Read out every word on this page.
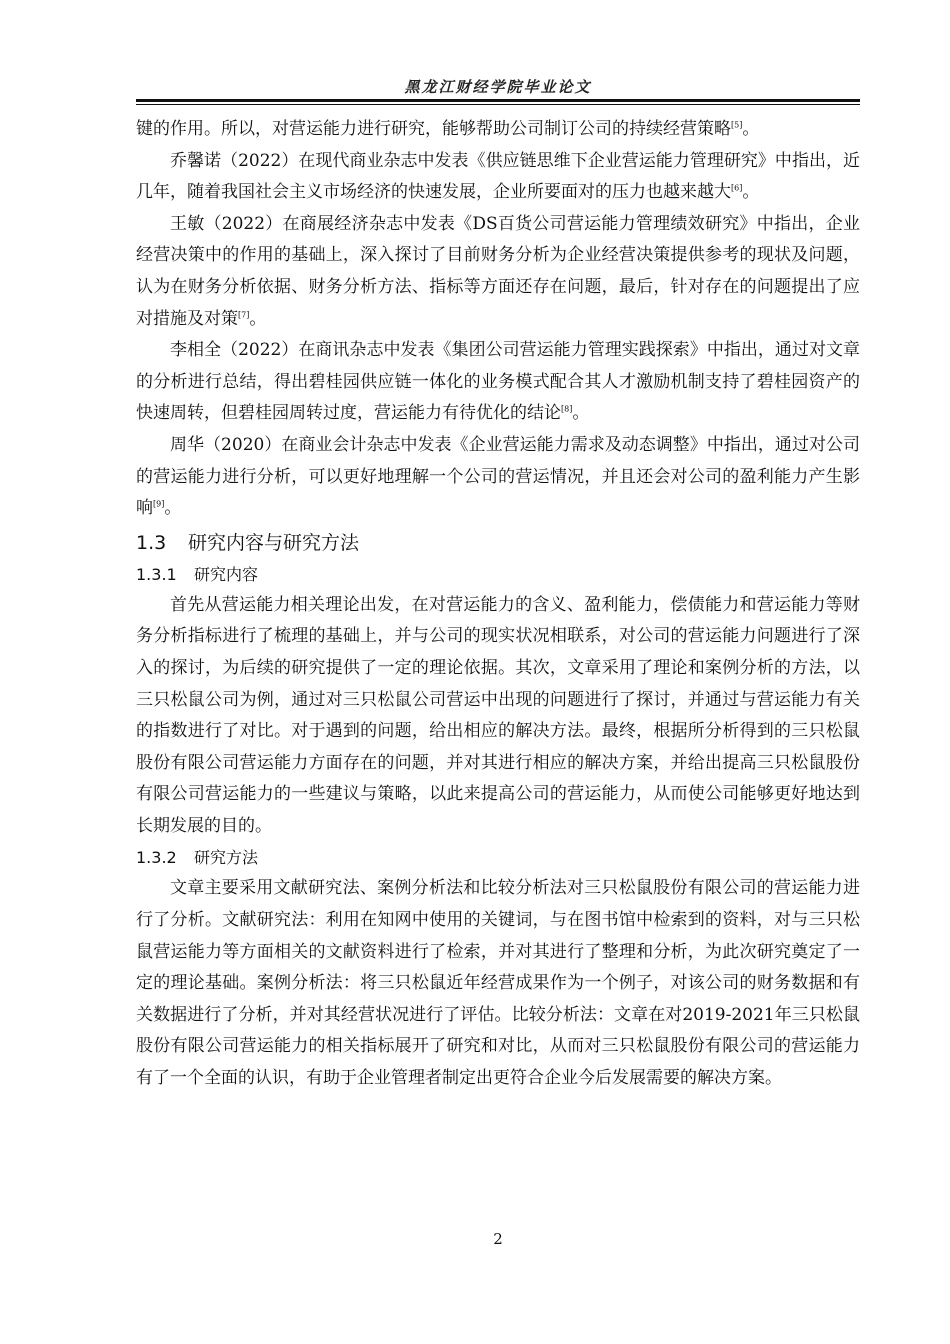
黑龙江财经学院毕业论文

键的作用。所以，对营运能力进行研究，能够帮助公司制订公司的持续经营策略[5]。

乔馨诺（2022）在现代商业杂志中发表《供应链思维下企业营运能力管理研究》中指出，近几年，随着我国社会主义市场经济的快速发展，企业所要面对的压力也越来越大[6]。

王敏（2022）在商展经济杂志中发表《DS百货公司营运能力管理绩效研究》中指出，企业经营决策中的作用的基础上，深入探讨了目前财务分析为企业经营决策提供参考的现状及问题，认为在财务分析依据、财务分析方法、指标等方面还存在问题，最后，针对存在的问题提出了应对措施及对策[7]。

李相全（2022）在商讯杂志中发表《集团公司营运能力管理实践探索》中指出，通过对文章的分析进行总结，得出碧桂园供应链一体化的业务模式配合其人才激励机制支持了碧桂园资产的快速周转，但碧桂园周转过度，营运能力有待优化的结论[8]。

周华（2020）在商业会计杂志中发表《企业营运能力需求及动态调整》中指出，通过对公司的营运能力进行分析，可以更好地理解一个公司的营运情况，并且还会对公司的盈利能力产生影响[9]。

1.3 研究内容与研究方法
1.3.1 研究内容

首先从营运能力相关理论出发，在对营运能力的含义、盈利能力，偿债能力和营运能力等财务分析指标进行了梳理的基础上，并与公司的现实状况相联系，对公司的营运能力问题进行了深入的探讨，为后续的研究提供了一定的理论依据。其次，文章采用了理论和案例分析的方法，以三只松鼠公司为例，通过对三只松鼠公司营运中出现的问题进行了探讨，并通过与营运能力有关的指数进行了对比。对于遇到的问题，给出相应的解决方法。最终，根据所分析得到的三只松鼠股份有限公司营运能力方面存在的问题，并对其进行相应的解决方案，并给出提高三只松鼠股份有限公司营运能力的一些建议与策略，以此来提高公司的营运能力，从而使公司能够更好地达到长期发展的目的。

1.3.2 研究方法

文章主要采用文献研究法、案例分析法和比较分析法对三只松鼠股份有限公司的营运能力进行了分析。文献研究法：利用在知网中使用的关键词，与在图书馆中检索到的资料，对与三只松鼠营运能力等方面相关的文献资料进行了检索，并对其进行了整理和分析，为此次研究奠定了一定的理论基础。案例分析法：将三只松鼠近年经营成果作为一个例子，对该公司的财务数据和有关数据进行了分析，并对其经营状况进行了评估。比较分析法：文章在对2019-2021年三只松鼠股份有限公司营运能力的相关指标展开了研究和对比，从而对三只松鼠股份有限公司的营运能力有了一个全面的认识，有助于企业管理者制定出更符合企业今后发展需要的解决方案。

2
